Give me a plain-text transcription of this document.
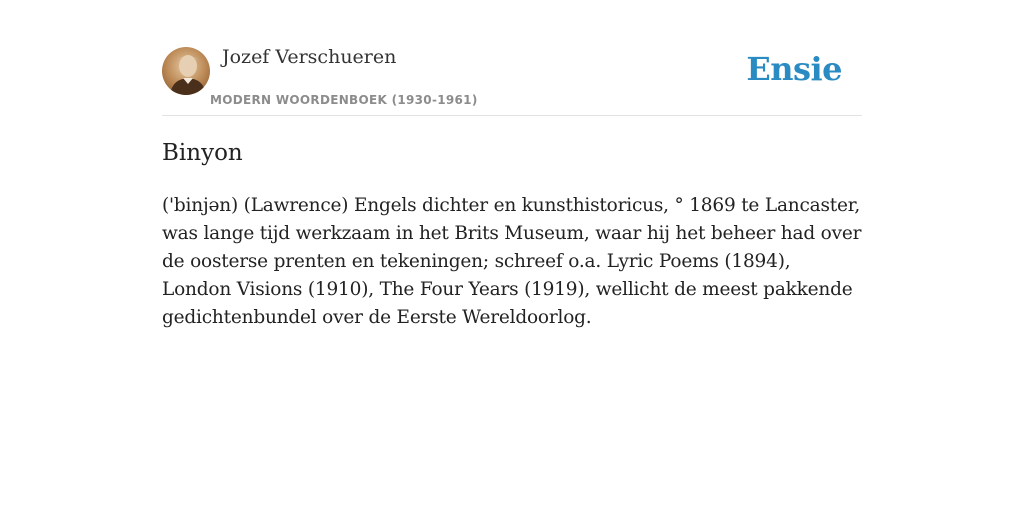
Jozef Verschueren
MODERN WOORDENBOEK (1930-1961)
Ensie
Binyon

('binjən) (Lawrence) Engels dichter en kunsthistoricus, ° 1869 te Lancaster, was lange tijd werkzaam in het Brits Museum, waar hij het beheer had over de oosterse prenten en tekeningen; schreef o.a. Lyric Poems (1894), London Visions (1910), The Four Years (1919), wellicht de meest pakkende gedichtenbundel over de Eerste Wereldoorlog.
